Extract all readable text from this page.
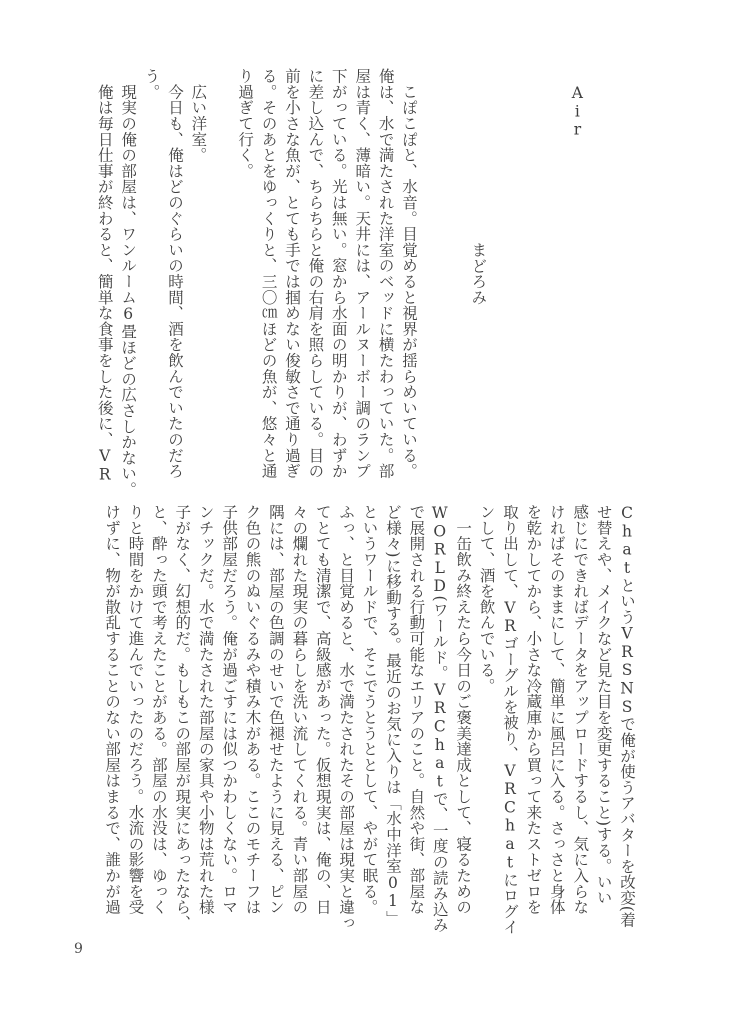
Air
まどろみ
　こぽこぽと、水音。目覚めると視界が揺らめいている。
俺は、水で満たされた洋室のベッドに横たわっていた。部
屋は青く、薄暗い。天井には、アールヌーボー調のランプ
下がっている。光は無い。窓から水面の明かりが、わずか
に差し込んで、ちらちらと俺の右肩を照らしている。目の
前を小さな魚が、とても手では掴めない俊敏さで通り過ぎ
る。そのあとをゆっくりと、三〇㎝ほどの魚が、悠々と通
り過ぎて行く。

　広い洋室。
　今日も、俺はどのぐらいの時間、酒を飲んでいたのだろ
う。
　現実の俺の部屋は、ワンルーム6畳ほどの広さしかない。
　俺は毎日仕事が終わると、簡単な食事をした後に、VR
ChatというVRSNSで俺が使うアバターを改変(着
せ替えや、メイクなど見た目を変更すること)する。いい
感じにできればデータをアップロードするし、気に入らな
ければそのままにして、簡単に風呂に入る。さっさと身体
を乾かしてから、小さな冷蔵庫から買って来たストゼロを
取り出して、VRゴーグルを被り、VRChatにログイ
ンして、酒を飲んでいる。
　一缶飲み終えたら今日のご褒美達成として、寝るための
WORLD(ワールド。VRChatで、一度の読み込み
で展開される行動可能なエリアのこと。自然や街、部屋な
ど様々)に移動する。最近のお気に入りは「水中洋室01」
というワールドで、そこでうとうととして、やがて眠る。
ふっ、と目覚めると、水で満たされたその部屋は現実と違っ
てとても清潔で、高級感があった。仮想現実は、俺の、日
々の爛れた現実の暮らしを洗い流してくれる。青い部屋の
隅には、部屋の色調のせいで色褪せたように見える、ピン
ク色の熊のぬいぐるみや積み木がある。ここのモチーフは
子供部屋だろう。俺が過ごすには似つかわしくない。ロマ
ンチックだ。水で満たされた部屋の家具や小物は荒れた様
子がなく、幻想的だ。もしもこの部屋が現実にあったなら、
と、酔った頭で考えたことがある。部屋の水没は、ゆっく
りと時間をかけて進んでいったのだろう。水流の影響を受
けずに、物が散乱することのない部屋はまるで、誰かが過
9
